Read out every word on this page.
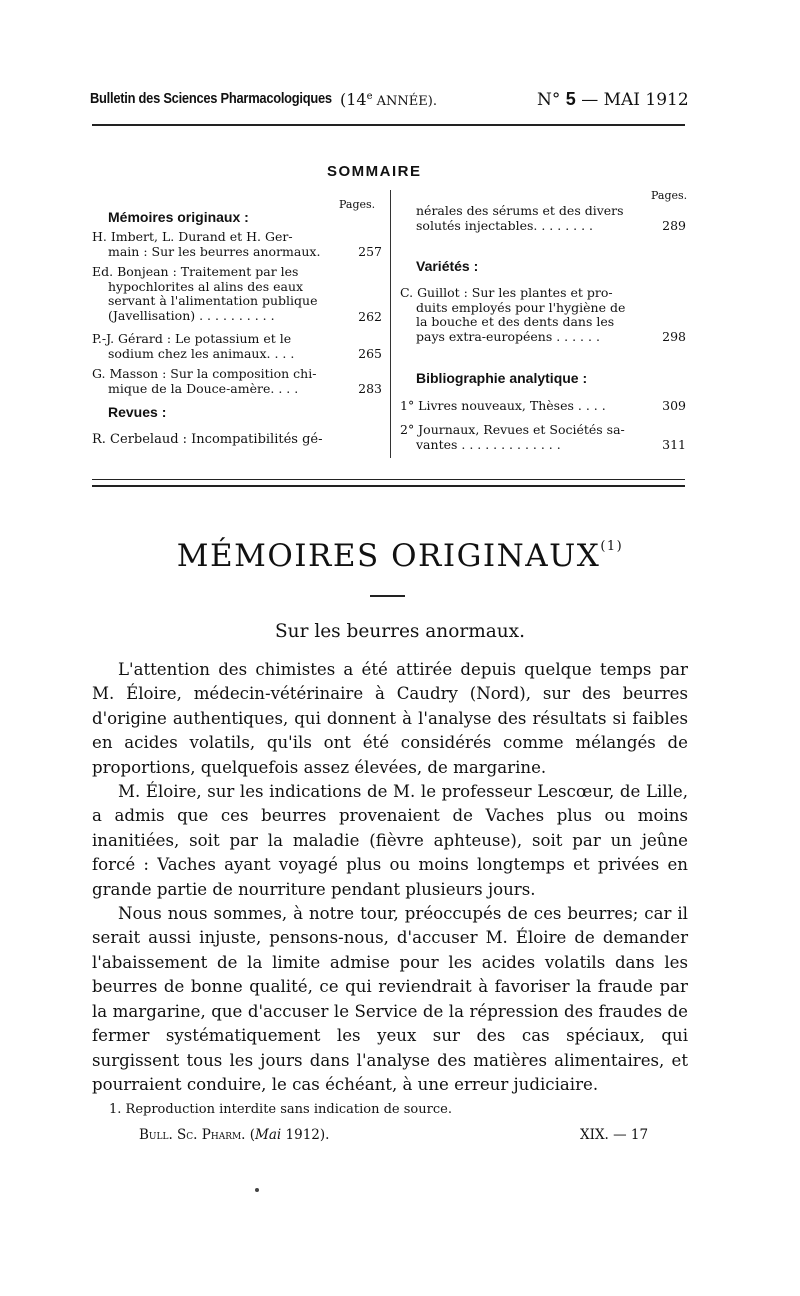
Bulletin des Sciences Pharmacologiques (14e ANNÉE).	N° 5 — MAI 1912
SOMMAIRE
Pages.
Mémoires originaux :
H. Imbert, L. Durand et H. Ger-
main : Sur les beurres anormaux.	257
Ed. Bonjean : Traitement par les
hypochlorites al alins des eaux
servant à l'alimentation publique
(Javellisation) . . . . . . . . . .	262
P.-J. Gérard : Le potassium et le
sodium chez les animaux. . . .	265
G. Masson : Sur la composition chi-
mique de la Douce-amère. . . .	283
Revues :
R. Cerbelaud : Incompatibilités gé-
Pages.
nérales des sérums et des divers
solutés injectables. . . . . . . .	289
Variétés :
C. Guillot : Sur les plantes et pro-
duits employés pour l'hygiène de
la bouche et des dents dans les
pays extra-européens . . . . . .	298
Bibliographie analytique :
1° Livres nouveaux, Thèses . . . .	309
2° Journaux, Revues et Sociétés sa-
vantes . . . . . . . . . . . . .	311
MÉMOIRES ORIGINAUX$^{(1)}$
Sur les beurres anormaux.

L'attention des chimistes a été attirée depuis quelque temps par M. Éloire, médecin-vétérinaire à Caudry (Nord), sur des beurres d'origine authentiques, qui donnent à l'analyse des résultats si faibles en acides volatils, qu'ils ont été considérés comme mélangés de proportions, quelquefois assez élevées, de margarine.

M. Éloire, sur les indications de M. le professeur Lescœur, de Lille, a admis que ces beurres provenaient de Vaches plus ou moins inanitiées, soit par la maladie (fièvre aphteuse), soit par un jeûne forcé : Vaches ayant voyagé plus ou moins longtemps et privées en grande partie de nourriture pendant plusieurs jours.

Nous nous sommes, à notre tour, préoccupés de ces beurres; car il serait aussi injuste, pensons-nous, d'accuser M. Éloire de demander l'abaissement de la limite admise pour les acides volatils dans les beurres de bonne qualité, ce qui reviendrait à favoriser la fraude par la margarine, que d'accuser le Service de la répression des fraudes de fermer systématiquement les yeux sur des cas spéciaux, qui surgissent tous les jours dans l'analyse des matières alimentaires, et pourraient conduire, le cas échéant, à une erreur judiciaire.

1. Reproduction interdite sans indication de source.
Bull. Sc. Pharm. (Mai 1912).	XIX. — 17
